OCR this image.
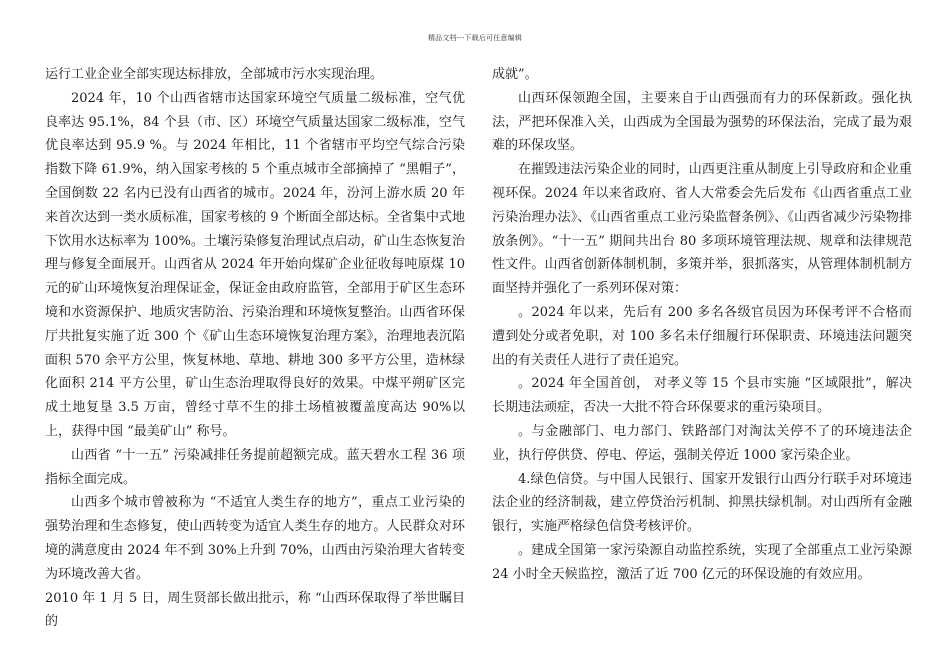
精品文档---下载后可任意编辑

运行工业企业全部实现达标排放，全部城市污水实现治理。

2024 年，10 个山西省辖市达国家环境空气质量二级标准，空气优良率达 95.1%，84 个县（市、区）环境空气质量达国家二级标准，空气优良率达到 95.9 %。与 2024 年相比，11 个省辖市平均空气综合污染指数下降 61.9%，纳入国家考核的 5 个重点城市全部摘掉了 “黑帽子”，全国倒数 22 名内已没有山西省的城市。2024 年，汾河上游水质 20 年来首次达到一类水质标准，国家考核的 9 个断面全部达标。全省集中式地下饮用水达标率为 100%。土壤污染修复治理试点启动，矿山生态恢复治理与修复全面展开。山西省从 2024 年开始向煤矿企业征收每吨原煤 10 元的矿山环境恢复治理保证金，保证金由政府监管，全部用于矿区生态环境和水资源保护、地质灾害防治、污染治理和环境恢复整治。山西省环保厅共批复实施了近 300 个《矿山生态环境恢复治理方案》，治理地表沉陷面积 570 余平方公里，恢复林地、草地、耕地 300 多平方公里，造林绿化面积 214 平方公里，矿山生态治理取得良好的效果。中煤平朔矿区完成土地复垦 3.5 万亩，曾经寸草不生的排土场植被覆盖度高达 90%以上，获得中国 “最美矿山” 称号。

山西省 “十一五” 污染减排任务提前超额完成。蓝天碧水工程 36 项指标全面完成。

山西多个城市曾被称为 “不适宜人类生存的地方”，重点工业污染的强势治理和生态修复，使山西转变为适宜人类生存的地方。人民群众对环境的满意度由 2024 年不到 30%上升到 70%，山西由污染治理大省转变为环境改善大省。

2010 年 1 月 5 日，周生贤部长做出批示，称 “山西环保取得了举世瞩目的

成就”。

山西环保领跑全国，主要来自于山西强而有力的环保新政。强化执法，严把环保准入关，山西成为全国最为强势的环保法治，完成了最为艰难的环保攻坚。

在摧毁违法污染企业的同时，山西更注重从制度上引导政府和企业重视环保。2024 年以来省政府、省人大常委会先后发布《山西省重点工业污染治理办法》、《山西省重点工业污染监督条例》、《山西省减少污染物排放条例》。“十一五” 期间共出台 80 多项环境管理法规、规章和法律规范性文件。山西省创新体制机制，多策并举，狠抓落实，从管理体制机制方面坚持并强化了一系列环保对策：

。2024 年以来，先后有 200 多名各级官员因为环保考评不合格而遭到处分或者免职，对 100 多名未仔细履行环保职责、环境违法问题突出的有关责任人进行了责任追究。

。2024 年全国首创， 对孝义等 15 个县市实施 “区域限批”，解决长期违法顽症，否决一大批不符合环保要求的重污染项目。

。与金融部门、电力部门、铁路部门对淘汰关停不了的环境违法企业，执行停供贷、停电、停运，强制关停近 1000 家污染企业。

4.绿色信贷。与中国人民银行、国家开发银行山西分行联手对环境违法企业的经济制裁，建立停贷治污机制、抑黑扶绿机制。对山西所有金融银行，实施严格绿色信贷考核评价。

。建成全国第一家污染源自动监控系统，实现了全部重点工业污染源 24 小时全天候监控，激活了近 700 亿元的环保设施的有效应用。
